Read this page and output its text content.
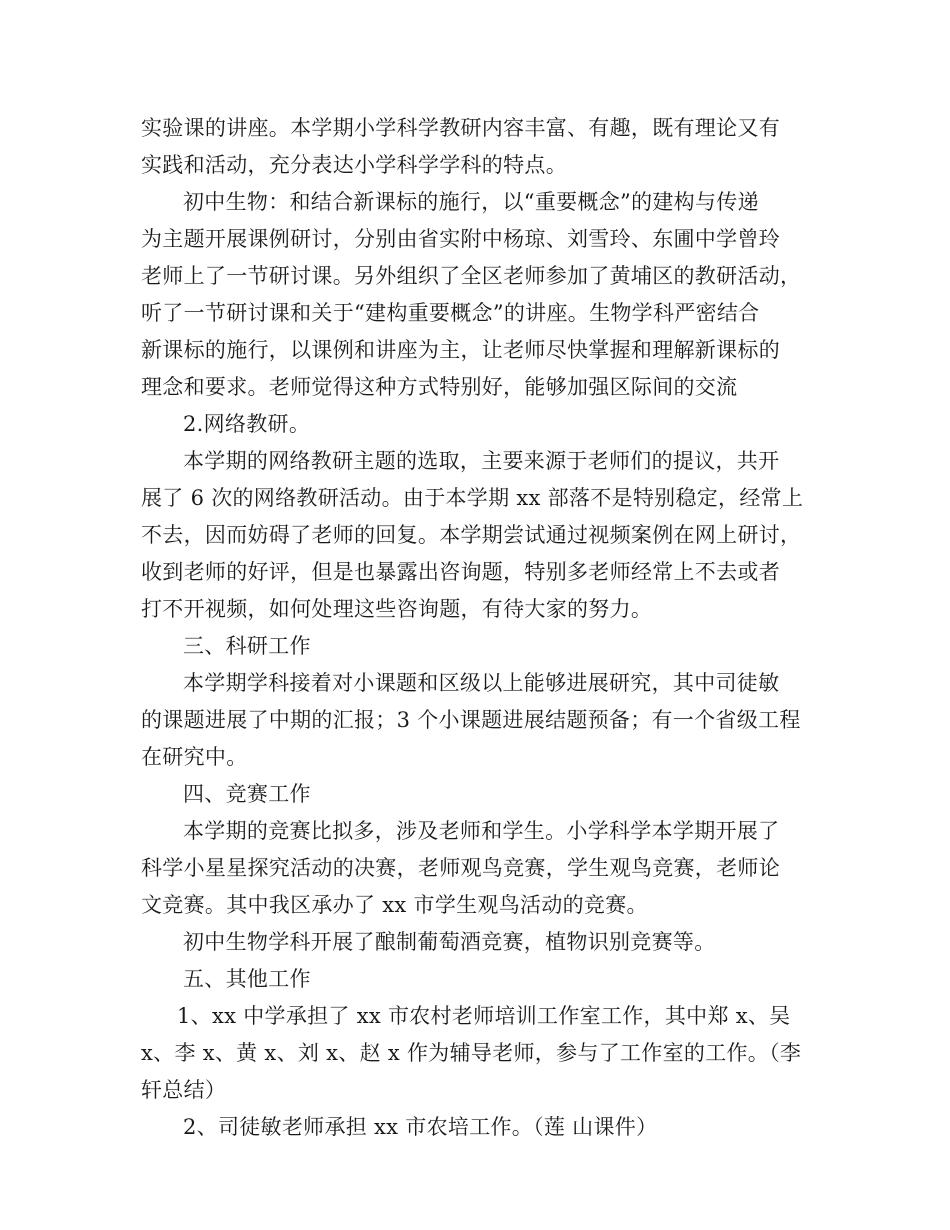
实验课的讲座。本学期小学科学教研内容丰富、有趣，既有理论又有
实践和活动，充分表达小学科学学科的特点。
初中生物：和结合新课标的施行，以“重要概念”的建构与传递
为主题开展课例研讨，分别由省实附中杨琼、刘雪玲、东圃中学曾玲
老师上了一节研讨课。另外组织了全区老师参加了黄埔区的教研活动，
听了一节研讨课和关于“建构重要概念”的讲座。生物学科严密结合
新课标的施行，以课例和讲座为主，让老师尽快掌握和理解新课标的
理念和要求。老师觉得这种方式特别好，能够加强区际间的交流
2.网络教研。
本学期的网络教研主题的选取，主要来源于老师们的提议，共开
展了 6 次的网络教研活动。由于本学期 xx 部落不是特别稳定，经常上
不去，因而妨碍了老师的回复。本学期尝试通过视频案例在网上研讨，
收到老师的好评，但是也暴露出咨询题，特别多老师经常上不去或者
打不开视频，如何处理这些咨询题，有待大家的努力。
三、科研工作
本学期学科接着对小课题和区级以上能够进展研究，其中司徒敏
的课题进展了中期的汇报；3 个小课题进展结题预备；有一个省级工程
在研究中。
四、竞赛工作
本学期的竞赛比拟多，涉及老师和学生。小学科学本学期开展了
科学小星星探究活动的决赛，老师观鸟竞赛，学生观鸟竞赛，老师论
文竞赛。其中我区承办了 xx 市学生观鸟活动的竞赛。
初中生物学科开展了酿制葡萄酒竞赛，植物识别竞赛等。
五、其他工作
1、xx 中学承担了 xx 市农村老师培训工作室工作，其中郑 x、吴
x、李 x、黄 x、刘 x、赵 x 作为辅导老师，参与了工作室的工作。（李
轩总结）
2、司徒敏老师承担 xx 市农培工作。（莲 山课件）
